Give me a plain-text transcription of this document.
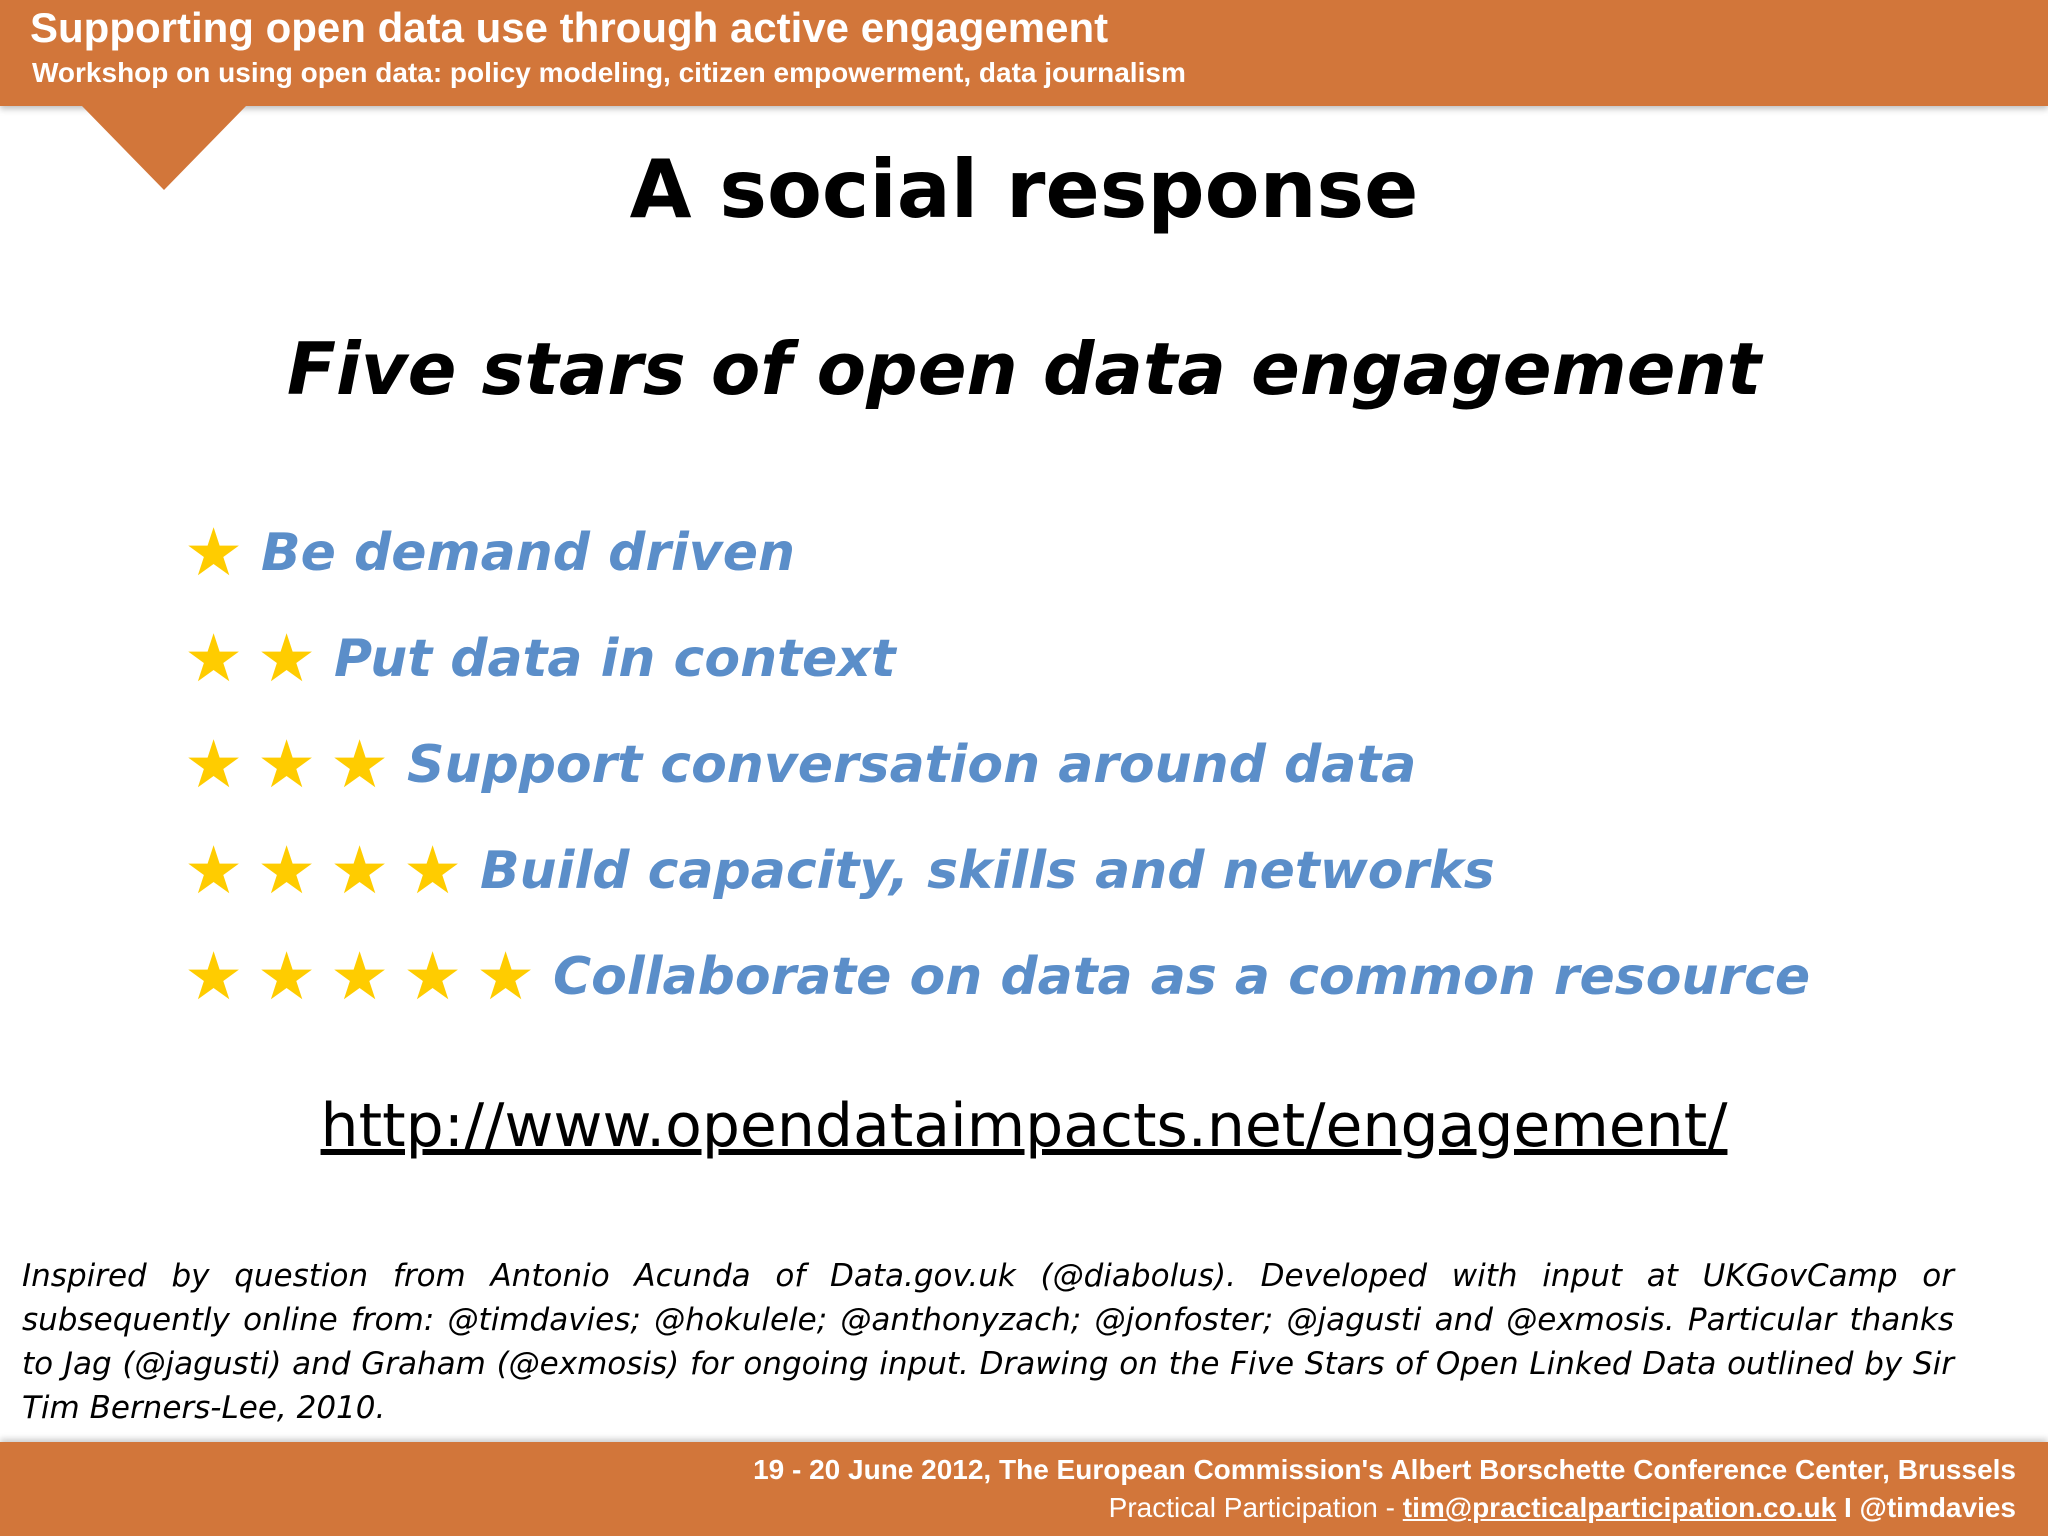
Supporting open data use through active engagement
Workshop on using open data: policy modeling, citizen empowerment, data journalism
A social response
Five stars of open data engagement
★ Be demand driven
★ ★ Put data in context
★ ★ ★ Support conversation around data
★ ★ ★ ★ Build capacity, skills and networks
★ ★ ★ ★ ★ Collaborate on data as a common resource
http://www.opendataimpacts.net/engagement/
Inspired by question from Antonio Acunda of Data.gov.uk (@diabolus). Developed with input at UKGovCamp or subsequently online from: @timdavies; @hokulele; @anthonyzach; @jonfoster; @jagusti and @exmosis. Particular thanks to Jag (@jagusti) and Graham (@exmosis) for ongoing input. Drawing on the Five Stars of Open Linked Data outlined by Sir Tim Berners-Lee, 2010.
19 - 20 June 2012, The European Commission's Albert Borschette Conference Center, Brussels
Practical Participation - tim@practicalparticipation.co.uk I @timdavies
